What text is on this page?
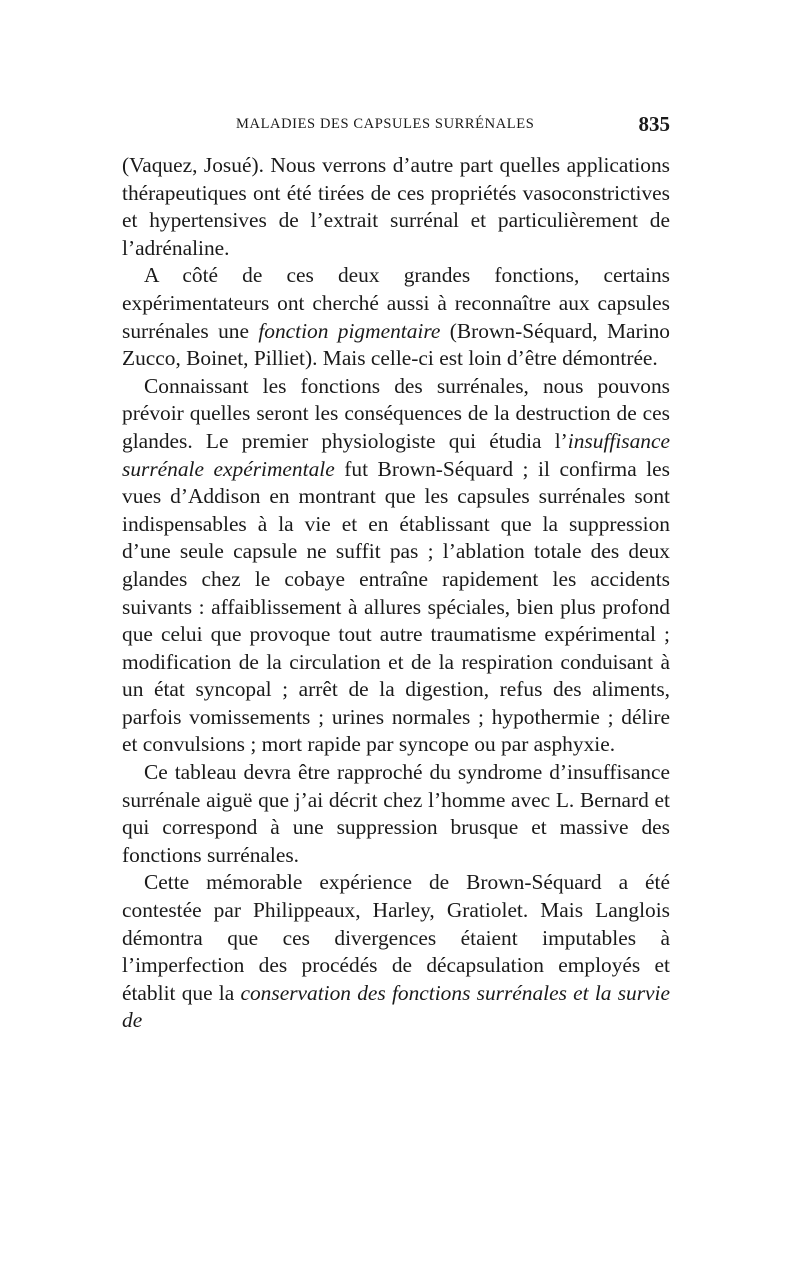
MALADIES DES CAPSULES SURRÉNALES	835

(Vaquez, Josué). Nous verrons d’autre part quelles applications thérapeutiques ont été tirées de ces propriétés vasoconstrictives et hypertensives de l’extrait surrénal et particulièrement de l’adrénaline.

A côté de ces deux grandes fonctions, certains expérimentateurs ont cherché aussi à reconnaître aux capsules surrénales une fonction pigmentaire (Brown-Séquard, Marino Zucco, Boinet, Pilliet). Mais celle-ci est loin d’être démontrée.

Connaissant les fonctions des surrénales, nous pouvons prévoir quelles seront les conséquences de la destruction de ces glandes. Le premier physiologiste qui étudia l’insuffisance surrénale expérimentale fut Brown-Séquard ; il confirma les vues d’Addison en montrant que les capsules surrénales sont indispensables à la vie et en établissant que la suppression d’une seule capsule ne suffit pas ; l’ablation totale des deux glandes chez le cobaye entraîne rapidement les accidents suivants : affaiblissement à allures spéciales, bien plus profond que celui que provoque tout autre traumatisme expérimental ; modification de la circulation et de la respiration conduisant à un état syncopal ; arrêt de la digestion, refus des aliments, parfois vomissements ; urines normales ; hypothermie ; délire et convulsions ; mort rapide par syncope ou par asphyxie.

Ce tableau devra être rapproché du syndrome d’insuffisance surrénale aiguë que j’ai décrit chez l’homme avec L. Bernard et qui correspond à une suppression brusque et massive des fonctions surrénales.

Cette mémorable expérience de Brown-Séquard a été contestée par Philippeaux, Harley, Gratiolet. Mais Langlois démontra que ces divergences étaient imputables à l’imperfection des procédés de décapsulation employés et établit que la conservation des fonctions surrénales et la survie de
